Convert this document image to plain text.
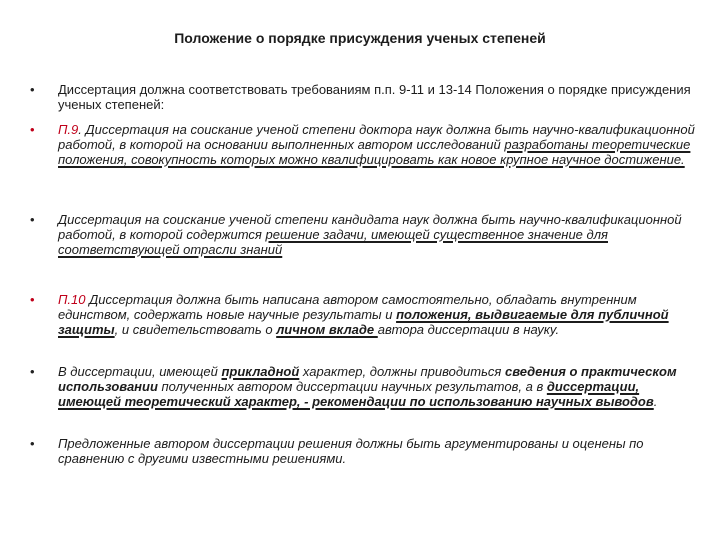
Положение о порядке присуждения ученых степеней
• Диссертация должна соответствовать требованиям п.п. 9-11 и 13-14 Положения о порядке присуждения ученых степеней:
• П.9. Диссертация на соискание ученой степени доктора наук должна быть научно-квалификационной работой, в которой на основании выполненных автором исследований разработаны теоретические положения, совокупность которых можно квалифицировать как новое крупное научное достижение.
• Диссертация на соискание ученой степени кандидата наук должна быть научно-квалификационной работой, в которой содержится решение задачи, имеющей существенное значение для соответствующей отрасли знаний
• П.10 Диссертация должна быть написана автором самостоятельно, обладать внутренним единством, содержать новые научные результаты и положения, выдвигаемые для публичной защиты, и свидетельствовать о личном вкладе автора диссертации в науку.
• В диссертации, имеющей прикладной характер, должны приводиться сведения о практическом использовании полученных автором диссертации научных результатов, а в диссертации, имеющей теоретический характер, - рекомендации по использованию научных выводов.
• Предложенные автором диссертации решения должны быть аргументированы и оценены по сравнению с другими известными решениями.
